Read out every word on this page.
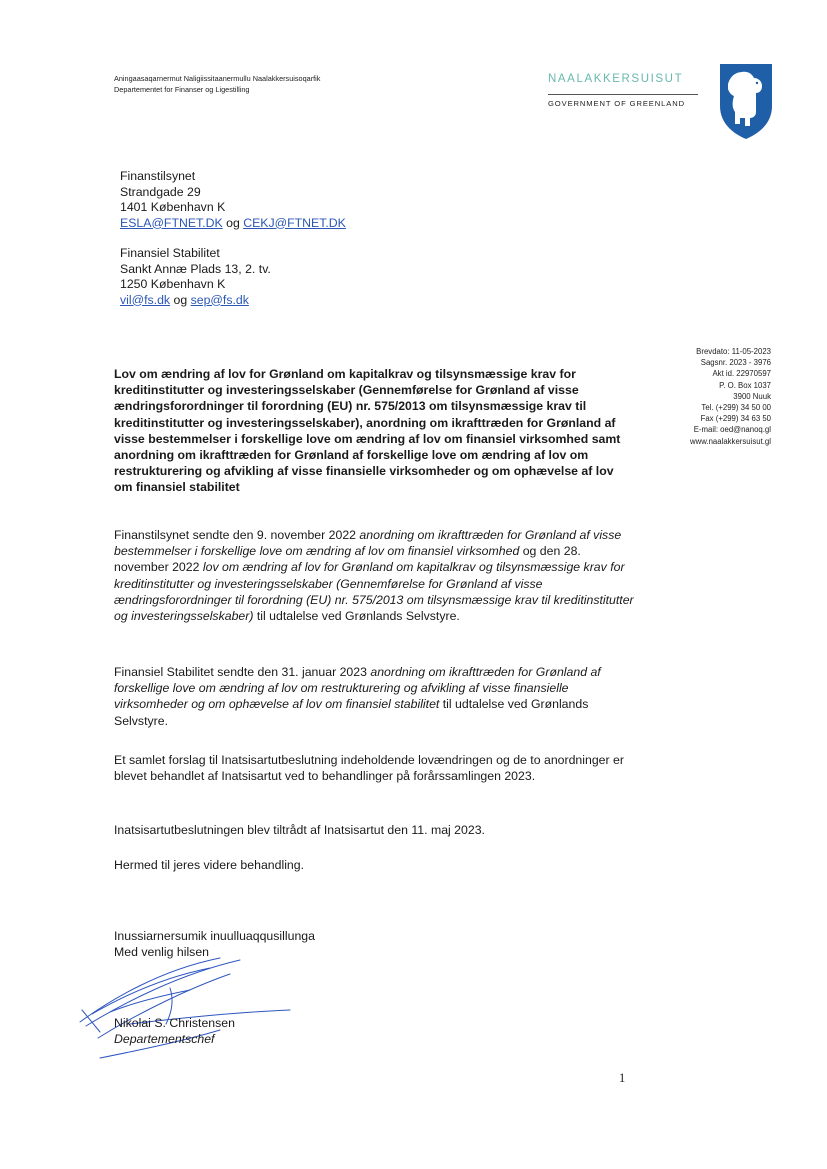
Aningaasaqarnermut Naligiissitaanermullu Naalakkersuisoqarfik
Departementet for Finanser og Ligestilling
NAALAKKERSUISUT
GOVERNMENT OF GREENLAND
Finanstilsynet
Strandgade 29
1401 København K
ESLA@FTNET.DK og CEKJ@FTNET.DK
Finansiel Stabilitet
Sankt Annæ Plads 13, 2. tv.
1250 København K
vil@fs.dk og sep@fs.dk
Brevdato: 11-05-2023
Sagsnr. 2023 - 3976
Akt id. 22970597
P. O. Box 1037
3900 Nuuk
Tel. (+299) 34 50 00
Fax (+299) 34 63 50
E-mail: oed@nanoq.gl
www.naalakkersuisut.gl
Lov om ændring af lov for Grønland om kapitalkrav og tilsynsmæssige krav for kreditinstitutter og investeringsselskaber (Gennemførelse for Grønland af visse ændringsforordninger til forordning (EU) nr. 575/2013 om tilsynsmæssige krav til kreditinstitutter og investeringsselskaber), anordning om ikrafttræden for Grønland af visse bestemmelser i forskellige love om ændring af lov om finansiel virksomhed samt anordning om ikrafttræden for Grønland af forskellige love om ændring af lov om restrukturering og afvikling af visse finansielle virksomheder og om ophævelse af lov om finansiel stabilitet
Finanstilsynet sendte den 9. november 2022 anordning om ikrafttræden for Grønland af visse bestemmelser i forskellige love om ændring af lov om finansiel virksomhed og den 28. november 2022 lov om ændring af lov for Grønland om kapitalkrav og tilsynsmæssige krav for kreditinstitutter og investeringsselskaber (Gennemførelse for Grønland af visse ændringsforordninger til forordning (EU) nr. 575/2013 om tilsynsmæssige krav til kreditinstitutter og investeringsselskaber) til udtalelse ved Grønlands Selvstyre.
Finansiel Stabilitet sendte den 31. januar 2023 anordning om ikrafttræden for Grønland af forskellige love om ændring af lov om restrukturering og afvikling af visse finansielle virksomheder og om ophævelse af lov om finansiel stabilitet til udtalelse ved Grønlands Selvstyre.
Et samlet forslag til Inatsisartutbeslutning indeholdende lovændringen og de to anordninger er blevet behandlet af Inatsisartut ved to behandlinger på forårssamlingen 2023.
Inatsisartutbeslutningen blev tiltrådt af Inatsisartut den 11. maj 2023.
Hermed til jeres videre behandling.
Inussiarnersumik inuulluaqqusillunga
Med venlig hilsen
Nikolai S. Christensen
Departementschef
1
